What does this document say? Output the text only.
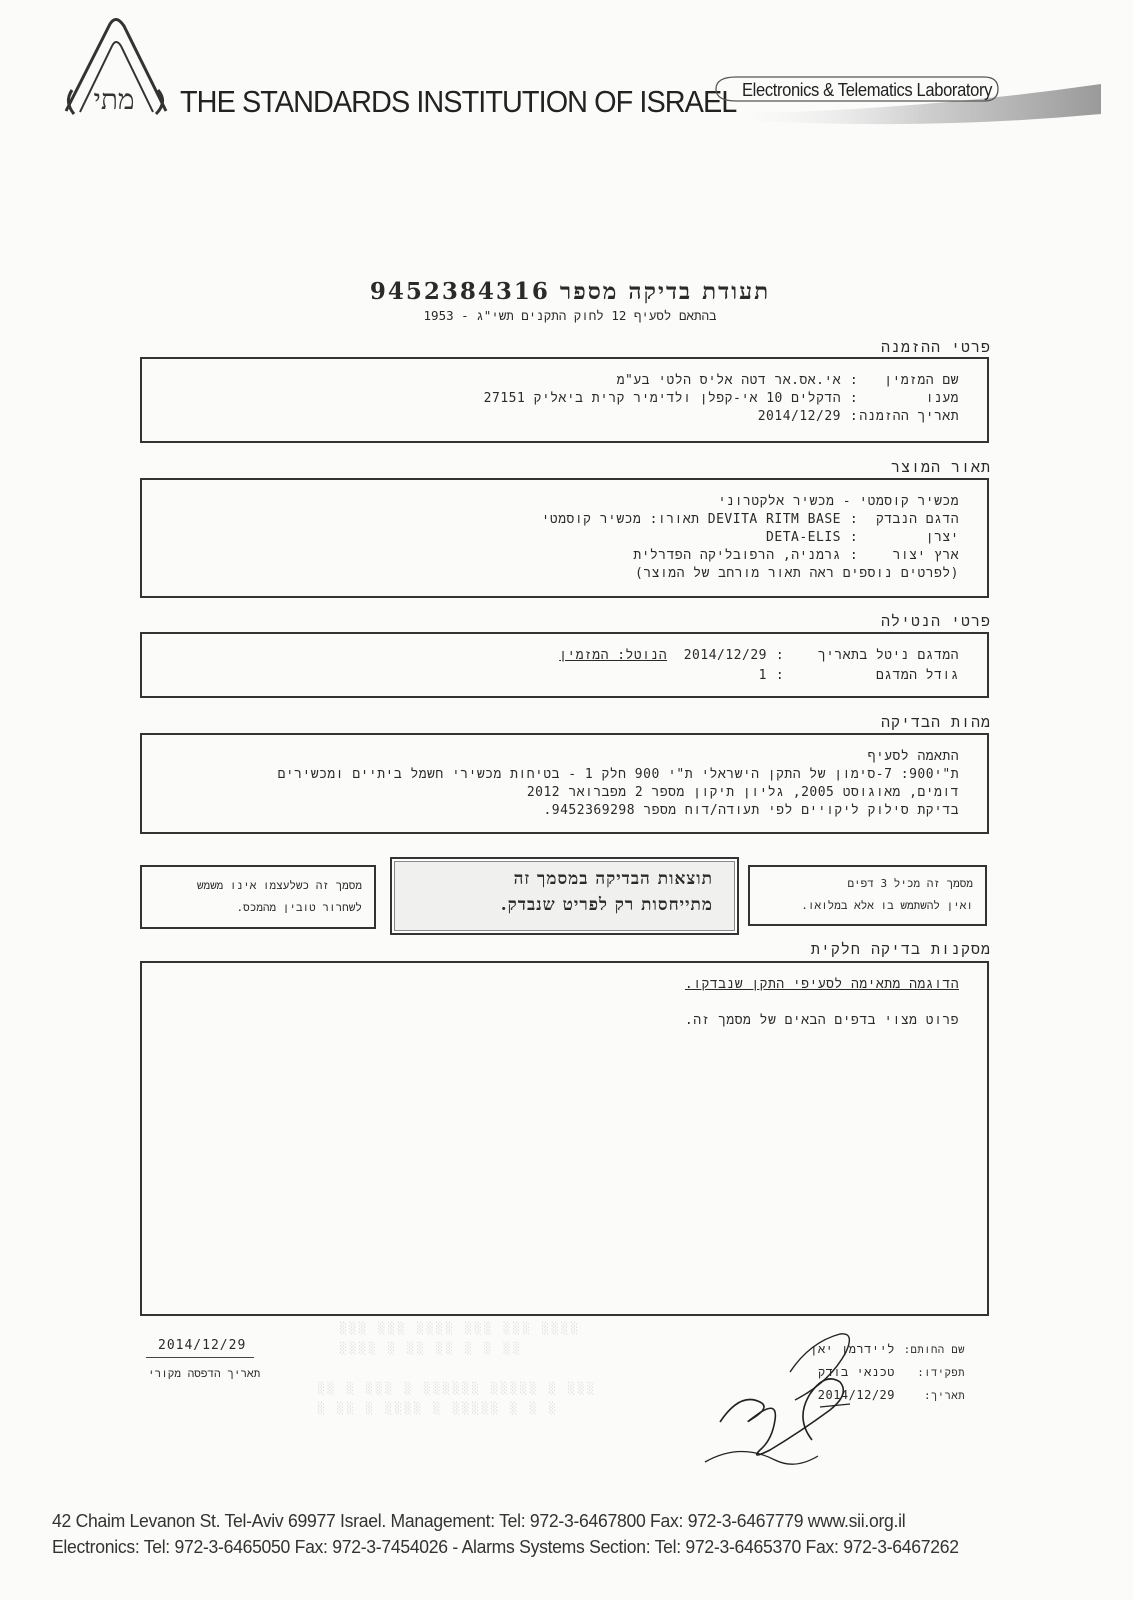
מתי	THE STANDARDS INSTITUTION OF ISRAEL Electronics & Telematics Laboratory
תעודת בדיקה מספר 9452384316
בהתאם לסעיף 12 לחוק התקנים תשי"ג - 1953
פרטי ההזמנה
שם המזמין:אי.אס.אר דטה אליס הלטי בע"מ
מענו:הדקלים 10 אי-קפלן ולדימיר קרית ביאליק 27151
תאריך ההזמנה:2014/12/29
תאור המוצר
מכשיר קוסמטי - מכשיר אלקטרוני
הדגם הנבדק:DEVITA RITM BASE תאורו: מכשיר קוסמטי
יצרן:DETA-ELIS
ארץ יצור:גרמניה, הרפובליקה הפדרלית
(לפרטים נוספים ראה תאור מורחב של המוצר)
פרטי הנטילה
המדגם ניטל בתאריך:2014/12/29  הנוטל: המזמין
גודל המדגם:1
מהות הבדיקה
התאמה לסעיף
ת"י900: 7-סימון של התקן הישראלי ת"י 900 חלק 1 - בטיחות מכשירי חשמל ביתיים ומכשירים
דומים, מאוגוסט 2005, גליון תיקון מספר 2 מפברואר 2012
בדיקת סילוק ליקויים לפי תעודה/דוח מספר 9452369298.
מסמך זה כשלעצמו אינו משמש
לשחרור טובין מהמכס.
תוצאות הבדיקה במסמך זה
מתייחסות רק לפריט שנבדק.
מסמך זה מכיל 3 דפים
ואין להשתמש בו אלא במלואו.
מסקנות בדיקה חלקית
הדוגמה מתאימה לסעיפי התקן שנבדקו.
פרוט מצוי בדפים הבאים של מסמך זה.
2014/12/29
תאריך הדפסה מקורי
░░░ ░░░ ░░░░ ░░░ ░░░ ░░░░
░░░░ ░ ░░ ░░ ░ ░ ░░
░░ ░ ░░░ ░ ░░░░░░ ░░░░░ ░ ░░░
░ ░░ ░ ░░░░ ░ ░░░░░ ░ ░ ░
שם החותם:ליידרמן יאן
תפקידו:טכנאי בודק
תאריך:2014/12/29
42 Chaim Levanon St. Tel-Aviv 69977 Israel. Management: Tel: 972-3-6467800 Fax: 972-3-6467779 www.sii.org.il
Electronics: Tel: 972-3-6465050 Fax: 972-3-7454026 - Alarms Systems Section: Tel: 972-3-6465370 Fax: 972-3-6467262
